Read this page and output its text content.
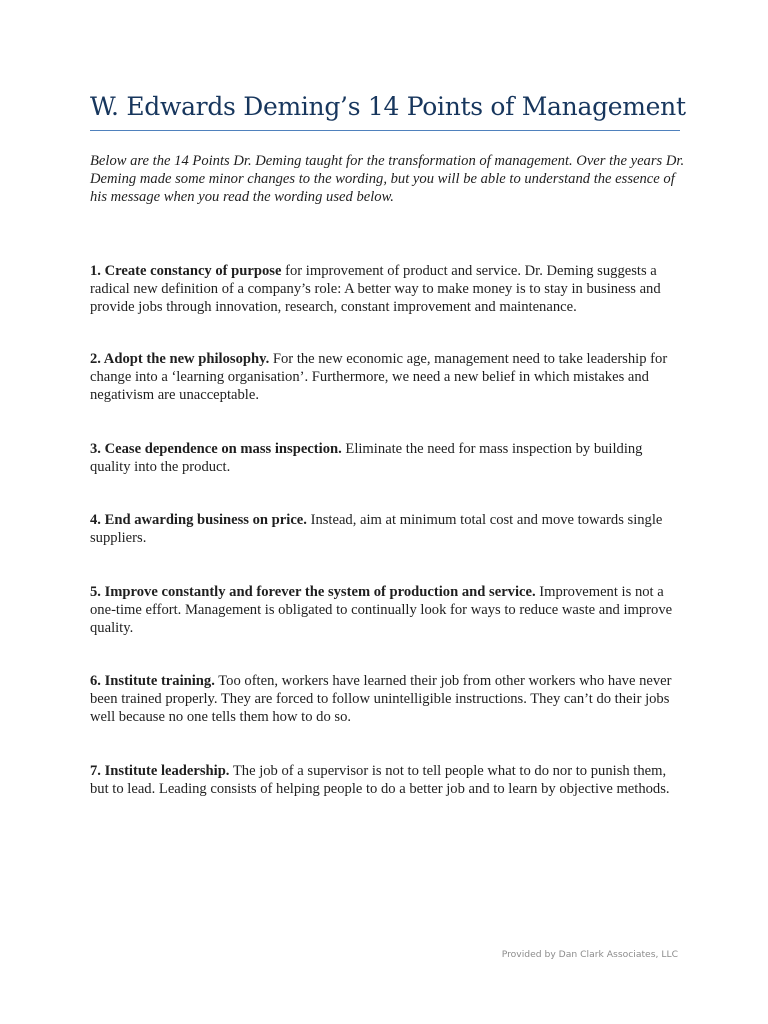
W. Edwards Deming’s 14 Points of Management

Below are the 14 Points Dr. Deming taught for the transformation of management. Over the years Dr. Deming made some minor changes to the wording, but you will be able to understand the essence of his message when you read the wording used below.

1. Create constancy of purpose for improvement of product and service. Dr. Deming suggests a radical new definition of a company’s role: A better way to make money is to stay in business and provide jobs through innovation, research, constant improvement and maintenance.

2. Adopt the new philosophy. For the new economic age, management need to take leadership for change into a ‘learning organisation’. Furthermore, we need a new belief in which mistakes and negativism are unacceptable.

3. Cease dependence on mass inspection. Eliminate the need for mass inspection by building quality into the product.

4. End awarding business on price. Instead, aim at minimum total cost and move towards single suppliers.

5. Improve constantly and forever the system of production and service. Improvement is not a one-time effort. Management is obligated to continually look for ways to reduce waste and improve quality.

6. Institute training. Too often, workers have learned their job from other workers who have never been trained properly. They are forced to follow unintelligible instructions. They can’t do their jobs well because no one tells them how to do so.

7. Institute leadership. The job of a supervisor is not to tell people what to do nor to punish them, but to lead. Leading consists of helping people to do a better job and to learn by objective methods.

Provided by Dan Clark Associates, LLC
